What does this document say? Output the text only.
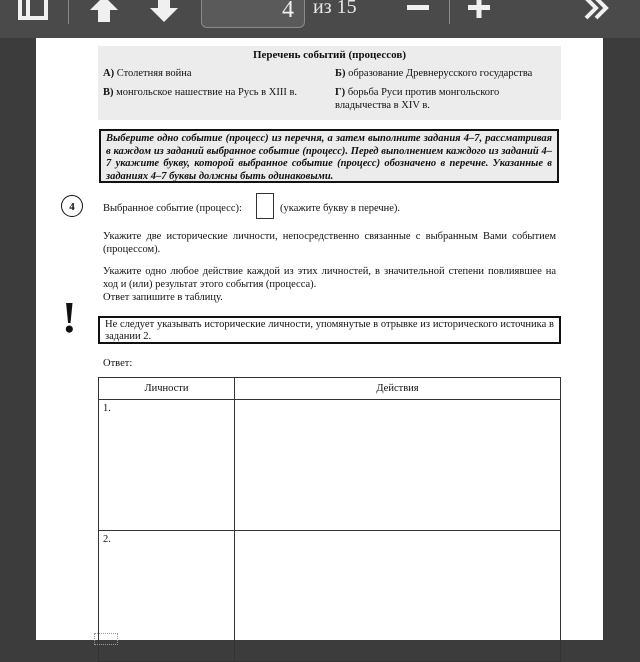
4 из 15
Перечень событий (процессов)
А) Столетняя война	Б) образование Древнерусского государства
В) монгольское нашествие на Русь в XIII в.	Г) борьба Руси против монгольского владычества в XIV в.
Выберите одно событие (процесс) из перечня, а затем выполните задания 4–7, рассматривая в каждом из заданий выбранное событие (процесс). Перед выполнением каждого из заданий 4–7 укажите букву, которой выбранное событие (процесс) обозначено в перечне. Указанные в заданиях 4–7 буквы должны быть одинаковыми.
4	Выбранное событие (процесс):	(укажите букву в перечне).
Укажите две исторические личности, непосредственно связанные с выбранным Вами событием (процессом).
Укажите одно любое действие каждой из этих личностей, в значительной степени повлиявшее на ход и (или) результат этого события (процесса).
Ответ запишите в таблицу.
!	Не следует указывать исторические личности, упомянутые в отрывке из исторического источника в задании 2.
Ответ:
Личности	Действия
1.	
2.	
